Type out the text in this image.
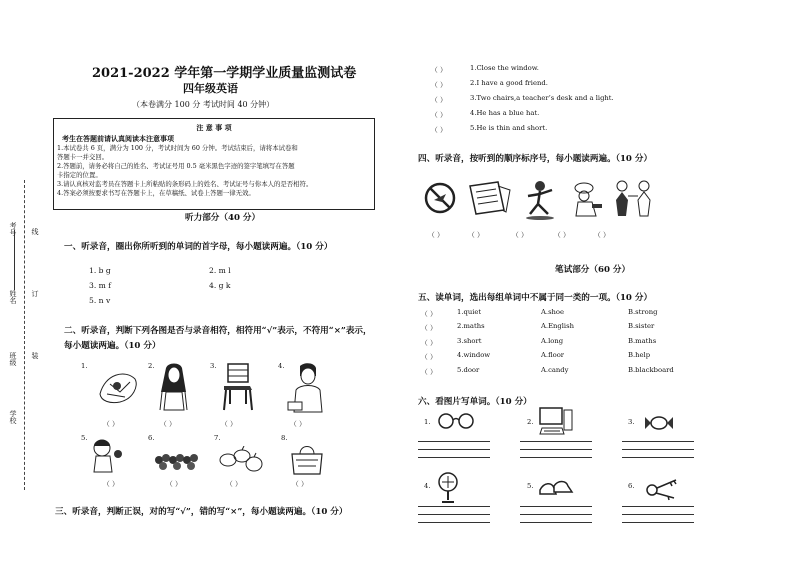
2021-2022 学年第一学期学业质量监测试卷
四年级英语
（本卷满分 100 分 考试时间 40 分钟）
注 意 事 项
考生在答题前请认真阅读本注意事项
1.本试卷共 6 页，满分为 100 分，考试时间为 60 分钟。考试结束后，请将本试卷和
答题卡一并交回。
2.答题前，请务必将自己的姓名、考试证号用 0.5 毫米黑色字迹的签字笔填写在答题
卡指定的位置。
3.请认真核对监考员在答题卡上所粘贴的条形码上的姓名、考试证号与你本人的是否相符。
4.答案必须按要求书写在答题卡上，在草稿纸、试卷上答题一律无效。
考号
姓名
班级
学校
线
订
装
听力部分（40 分）
一、听录音，圈出你所听到的单词的首字母，每小题读两遍。（10 分）
1. b g	2. m l
3. m f	4. g k
5. n v
二、听录音，判断下列各图是否与录音相符，相符用“√”表示，不符用“×”表示，
每小题读两遍。（10 分）
1.	2.	3.	4.
（ ）	（ ）	（ ）	（ ）
5.	6.	7.	8.
（ ）	（ ）	（ ）	（ ）
三、听录音，判断正误，对的写“√”，错的写“×”，每小题读两遍。（10 分）
（ ）	1.Close the window.
（ ）	2.I have a good friend.
（ ）	3.Two chairs,a teacher’s desk and a light.
（ ）	4.He has a blue hat.
（ ）	5.He is thin and short.
四、听录音，按听到的顺序标序号，每小题读两遍。（10 分）
（ ）	（ ）	（ ）	（ ）	（ ）
笔试部分（60 分）
五、读单词，选出每组单词中不属于同一类的一项。（10 分）
（ ）	1.quiet	A.shoe	B.strong
（ ）	2.maths	A.English	B.sister
（ ）	3.short	A.long	B.maths
（ ）	4.window	A.floor	B.help
（ ）	5.door	A.candy	B.blackboard
六、看图片写单词。（10 分）
1.	2.	3.
4.	5.	6.
